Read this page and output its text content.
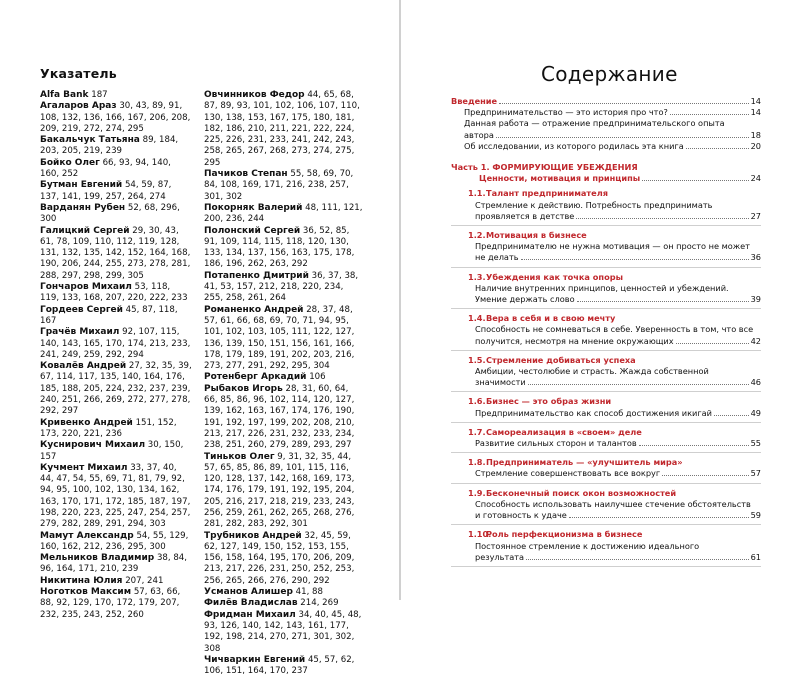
Указатель
Alfa Bank 187
Агаларов Араз 30, 43, 89, 91, 108, 132, 136, 166, 167, 206, 208, 209, 219, 272, 274, 295
Бакальчук Татьяна 89, 184, 203, 205, 219, 239
Бойко Олег 66, 93, 94, 140, 160, 252
Бутман Евгений 54, 59, 87, 137, 141, 199, 257, 264, 274
Варданян Рубен 52, 68, 296, 300
Галицкий Сергей 29, 30, 43, 61, 78, 109, 110, 112, 119, 128, 131, 132, 135, 142, 152, 164, 168, 190, 206, 244, 255, 273, 278, 281, 288, 297, 298, 299, 305
Гончаров Михаил 53, 118, 119, 133, 168, 207, 220, 222, 233
Гордеев Сергей 45, 87, 118, 167
Грачёв Михаил 92, 107, 115, 140, 143, 165, 170, 174, 213, 233, 241, 249, 259, 292, 294
Ковалёв Андрей 27, 32, 35, 39, 67, 114, 117, 135, 140, 164, 176, 185, 188, 205, 224, 232, 237, 239, 240, 251, 266, 269, 272, 277, 278, 292, 297
Кривенко Андрей 151, 152, 173, 220, 221, 236
Куснирович Михаил 30, 150, 157
Кучмент Михаил 33, 37, 40, 44, 47, 54, 55, 69, 71, 81, 79, 92, 94, 95, 100, 102, 130, 134, 162, 163, 170, 171, 172, 185, 187, 197, 198, 220, 223, 225, 247, 254, 257, 279, 282, 289, 291, 294, 303
Мамут Александр 54, 55, 129, 160, 162, 212, 236, 295, 300
Мельников Владимир 38, 84, 96, 164, 171, 210, 239
Никитина Юлия 207, 241
Ноготков Максим 57, 63, 66, 88, 92, 129, 170, 172, 179, 207, 232, 235, 243, 252, 260
Овчинников Федор 44, 65, 68, 87, 89, 93, 101, 102, 106, 107, 110, 130, 138, 153, 167, 175, 180, 181, 182, 186, 210, 211, 221, 222, 224, 225, 226, 231, 233, 241, 242, 243, 258, 265, 267, 268, 273, 274, 275, 295
Пачиков Степан 55, 58, 69, 70, 84, 108, 169, 171, 216, 238, 257, 301, 302
Покорняк Валерий 48, 111, 121, 200, 236, 244
Полонский Сергей 36, 52, 85, 91, 109, 114, 115, 118, 120, 130, 133, 134, 137, 156, 163, 175, 178, 186, 196, 262, 263, 292
Потапенко Дмитрий 36, 37, 38, 41, 53, 157, 212, 218, 220, 234, 255, 258, 261, 264
Романенко Андрей 28, 37, 48, 57, 61, 66, 68, 69, 70, 71, 94, 95, 101, 102, 103, 105, 111, 122, 127, 136, 139, 150, 151, 156, 161, 166, 178, 179, 189, 191, 202, 203, 216, 273, 277, 291, 292, 295, 304
Ротенберг Аркадий 106
Рыбаков Игорь 28, 31, 60, 64, 66, 85, 86, 96, 102, 114, 120, 127, 139, 162, 163, 167, 174, 176, 190, 191, 192, 197, 199, 202, 208, 210, 213, 217, 226, 231, 232, 233, 234, 238, 251, 260, 279, 289, 293, 297
Тиньков Олег 9, 31, 32, 35, 44, 57, 65, 85, 86, 89, 101, 115, 116, 120, 128, 137, 142, 168, 169, 173, 174, 176, 179, 191, 192, 195, 204, 205, 216, 217, 218, 219, 233, 243, 256, 259, 261, 262, 265, 268, 276, 281, 282, 283, 292, 301
Трубников Андрей 32, 45, 59, 62, 127, 149, 150, 152, 153, 155, 156, 158, 164, 195, 170, 206, 209, 213, 217, 226, 231, 250, 252, 253, 256, 265, 266, 276, 290, 292
Усманов Алишер 41, 88
Филёв Владислав 214, 269
Фридман Михаил 34, 40, 45, 48, 93, 126, 140, 142, 143, 161, 177, 192, 198, 214, 270, 271, 301, 302, 308
Чичваркин Евгений 45, 57, 62, 106, 151, 164, 170, 237
Содержание
Введение	14
Предпринимательство — это история про что?	14
Данная работа — отражение предпринимательского опыта
автора	18
Об исследовании, из которого родилась эта книга	20
Часть 1. ФОРМИРУЮЩИЕ УБЕЖДЕНИЯ
Ценности, мотивация и принципы	24
1.1. Талант предпринимателя
Стремление к действию. Потребность предпринимать
проявляется в детстве	27
1.2. Мотивация в бизнесе
Предпринимателю не нужна мотивация — он просто не может
не делать	36
1.3. Убеждения как точка опоры
Наличие внутренних принципов, ценностей и убеждений.
Умение держать слово	39
1.4. Вера в себя и в свою мечту
Способность не сомневаться в себе. Уверенность в том, что все
получится, несмотря на мнение окружающих	42
1.5. Стремление добиваться успеха
Амбиции, честолюбие и страсть. Жажда собственной
значимости	46
1.6. Бизнес — это образ жизни
Предпринимательство как способ достижения икигай	49
1.7. Самореализация в «своем» деле
Развитие сильных сторон и талантов	55
1.8. Предприниматель — «улучшитель мира»
Стремление совершенствовать все вокруг	57
1.9. Бесконечный поиск окон возможностей
Способность использовать наилучшее стечение обстоятельств
и готовность к удаче	59
1.10.
Роль перфекционизма в бизнесе
Постоянное стремление к достижению идеального
результата	61
